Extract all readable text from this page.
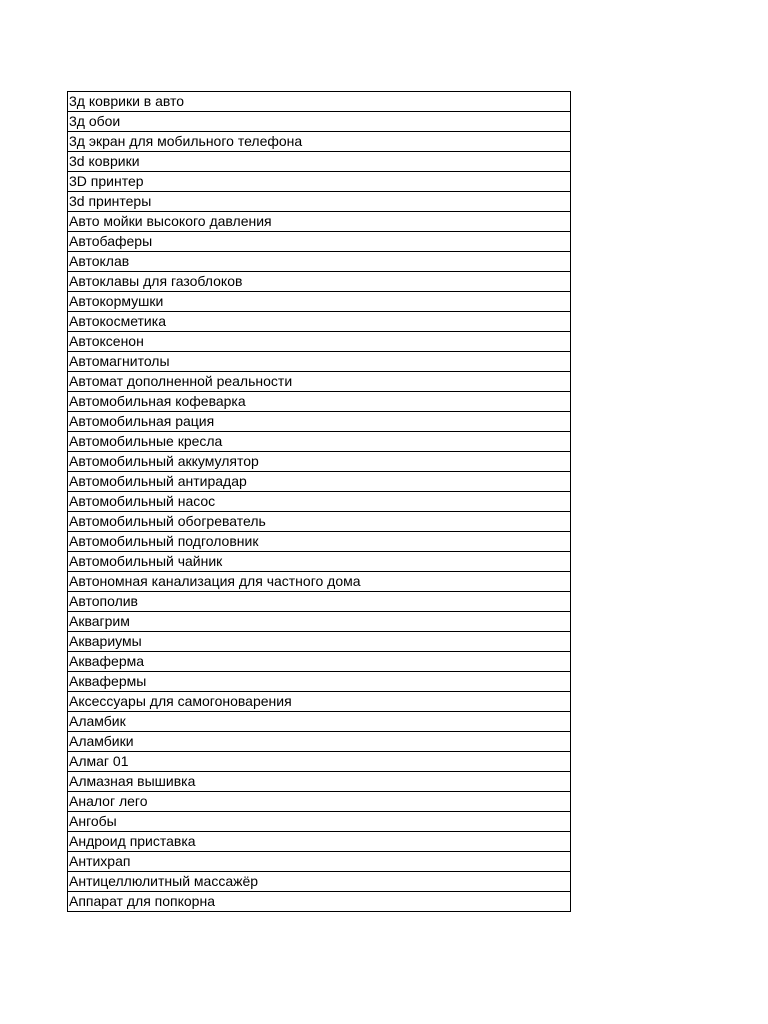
3д коврики в авто
3д обои
3д экран для мобильного телефона
3d коврики
3D принтер
3d принтеры
Авто мойки высокого давления
Автобаферы
Автоклав
Автоклавы для газоблоков
Автокормушки
Автокосметика
Автоксенон
Автомагнитолы
Автомат дополненной реальности
Автомобильная кофеварка
Автомобильная рация
Автомобильные кресла
Автомобильный аккумулятор
Автомобильный антирадар
Автомобильный насос
Автомобильный обогреватель
Автомобильный подголовник
Автомобильный чайник
Автономная канализация для частного дома
Автополив
Аквагрим
Аквариумы
Акваферма
Аквафермы
Аксессуары для самогоноварения
Аламбик
Аламбики
Алмаг 01
Алмазная вышивка
Аналог лего
Ангобы
Андроид приставка
Антихрап
Антицеллюлитный массажёр
Аппарат для попкорна
